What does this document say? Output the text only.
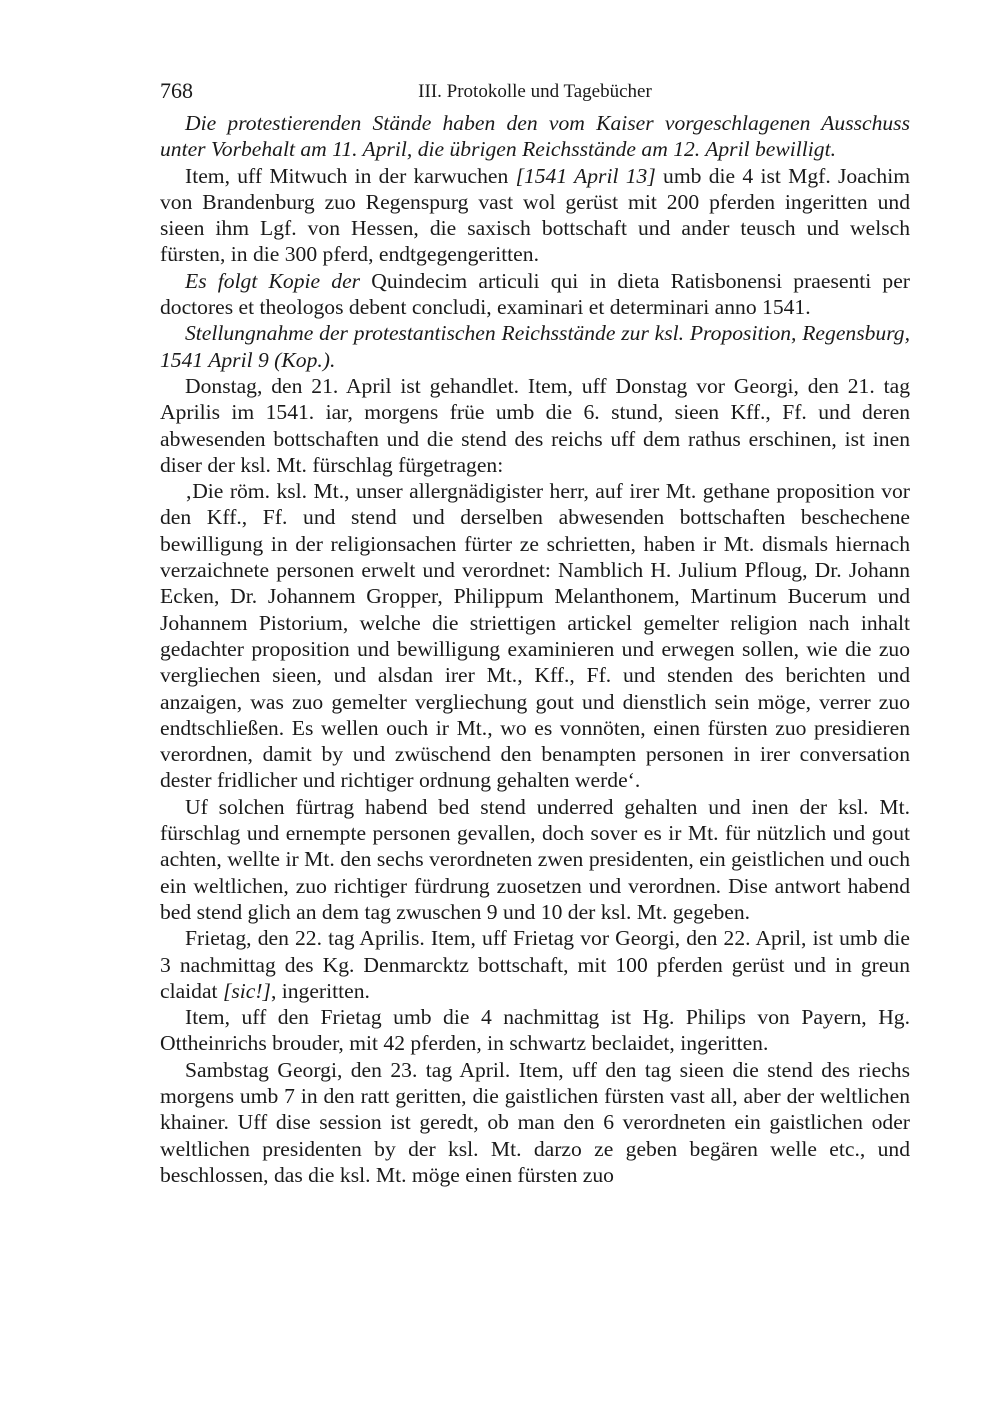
768	III. Protokolle und Tagebücher

Die protestierenden Stände haben den vom Kaiser vorgeschlagenen Ausschuss unter Vorbehalt am 11. April, die übrigen Reichsstände am 12. April bewilligt.

Item, uff Mitwuch in der karwuchen [1541 April 13] umb die 4 ist Mgf. Joachim von Brandenburg zuo Regenspurg vast wol gerüst mit 200 pferden ingeritten und sieen ihm Lgf. von Hessen, die saxisch bottschaft und ander teusch und welsch fürsten, in die 300 pferd, endtgegengeritten.

Es folgt Kopie der Quindecim articuli qui in dieta Ratisbonensi praesenti per doctores et theologos debent concludi, examinari et determinari anno 1541.

Stellungnahme der protestantischen Reichsstände zur ksl. Proposition, Regensburg, 1541 April 9 (Kop.).

Donstag, den 21. April ist gehandlet. Item, uff Donstag vor Georgi, den 21. tag Aprilis im 1541. iar, morgens früe umb die 6. stund, sieen Kff., Ff. und deren abwesenden bottschaften und die stend des reichs uff dem rathus erschinen, ist inen diser der ksl. Mt. fürschlag fürgetragen:

‚Die röm. ksl. Mt., unser allergnädigister herr, auf irer Mt. gethane proposition vor den Kff., Ff. und stend und derselben abwesenden bottschaften beschechene bewilligung in der religionsachen fürter ze schrietten, haben ir Mt. dismals hiernach verzaichnete personen erwelt und verordnet: Namblich H. Julium Pfloug, Dr. Johann Ecken, Dr. Johannem Gropper, Philippum Melanthonem, Martinum Bucerum und Johannem Pistorium, welche die striettigen artickel gemelter religion nach inhalt gedachter proposition und bewilligung examinieren und erwegen sollen, wie die zuo vergliechen sieen, und alsdan irer Mt., Kff., Ff. und stenden des berichten und anzaigen, was zuo gemelter vergliechung gout und dienstlich sein möge, verrer zuo endtschließen. Es wellen ouch ir Mt., wo es vonnöten, einen fürsten zuo presidieren verordnen, damit by und zwüschend den benampten personen in irer conversation dester fridlicher und richtiger ordnung gehalten werde‘.

Uf solchen fürtrag habend bed stend underred gehalten und inen der ksl. Mt. fürschlag und ernempte personen gevallen, doch sover es ir Mt. für nützlich und gout achten, wellte ir Mt. den sechs verordneten zwen presidenten, ein geistlichen und ouch ein weltlichen, zuo richtiger fürdrung zuosetzen und verordnen. Dise antwort habend bed stend glich an dem tag zwuschen 9 und 10 der ksl. Mt. gegeben.

Frietag, den 22. tag Aprilis. Item, uff Frietag vor Georgi, den 22. April, ist umb die 3 nachmittag des Kg. Denmarcktz bottschaft, mit 100 pferden gerüst und in greun claidat [sic!], ingeritten.

Item, uff den Frietag umb die 4 nachmittag ist Hg. Philips von Payern, Hg. Ottheinrichs brouder, mit 42 pferden, in schwartz beclaidet, ingeritten.

Sambstag Georgi, den 23. tag April. Item, uff den tag sieen die stend des riechs morgens umb 7 in den ratt geritten, die gaistlichen fürsten vast all, aber der weltlichen khainer. Uff dise session ist geredt, ob man den 6 verordneten ein gaistlichen oder weltlichen presidenten by der ksl. Mt. darzo ze geben begären welle etc., und beschlossen, das die ksl. Mt. möge einen fürsten zuo
